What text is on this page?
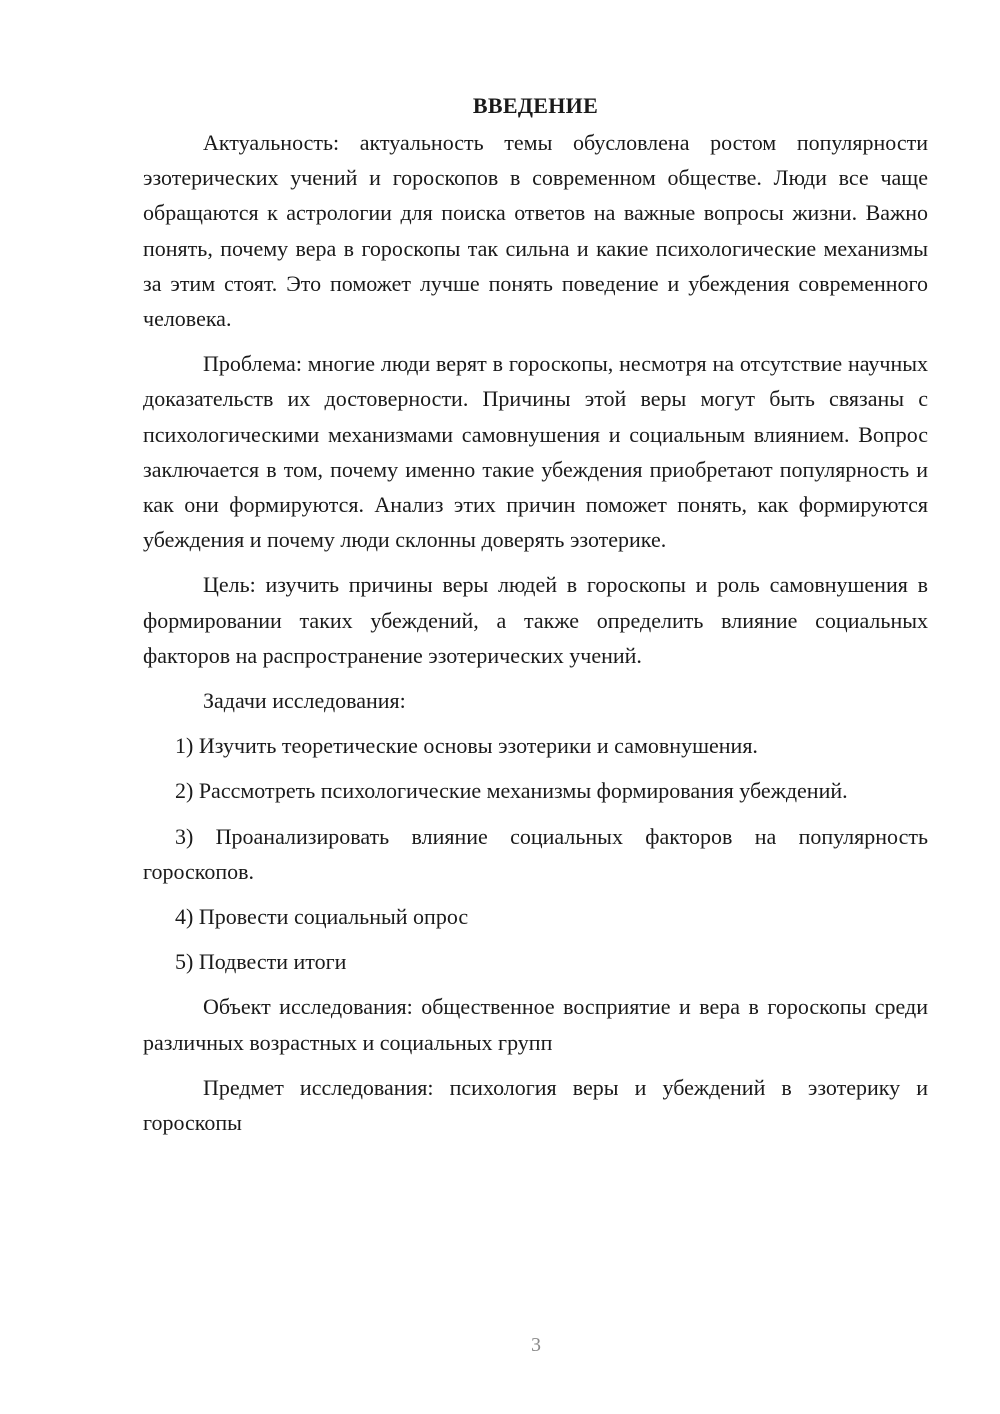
ВВЕДЕНИЕ

Актуальность: актуальность темы обусловлена ростом популярности эзотерических учений и гороскопов в современном обществе. Люди все чаще обращаются к астрологии для поиска ответов на важные вопросы жизни. Важно понять, почему вера в гороскопы так сильна и какие психологические механизмы за этим стоят. Это поможет лучше понять поведение и убеждения современного человека.

Проблема: многие люди верят в гороскопы, несмотря на отсутствие научных доказательств их достоверности. Причины этой веры могут быть связаны с психологическими механизмами самовнушения и социальным влиянием. Вопрос заключается в том, почему именно такие убеждения приобретают популярность и как они формируются. Анализ этих причин поможет понять, как формируются убеждения и почему люди склонны доверять эзотерике.

Цель: изучить причины веры людей в гороскопы и роль самовнушения в формировании таких убеждений, а также определить влияние социальных факторов на распространение эзотерических учений.

Задачи исследования:

1) Изучить теоретические основы эзотерики и самовнушения.

2) Рассмотреть психологические механизмы формирования убеждений.

3) Проанализировать влияние социальных факторов на популярность гороскопов.

4) Провести социальный опрос

5) Подвести итоги

Объект исследования: общественное восприятие и вера в гороскопы среди различных возрастных и социальных групп

Предмет исследования: психология веры и убеждений в эзотерику и гороскопы

3
